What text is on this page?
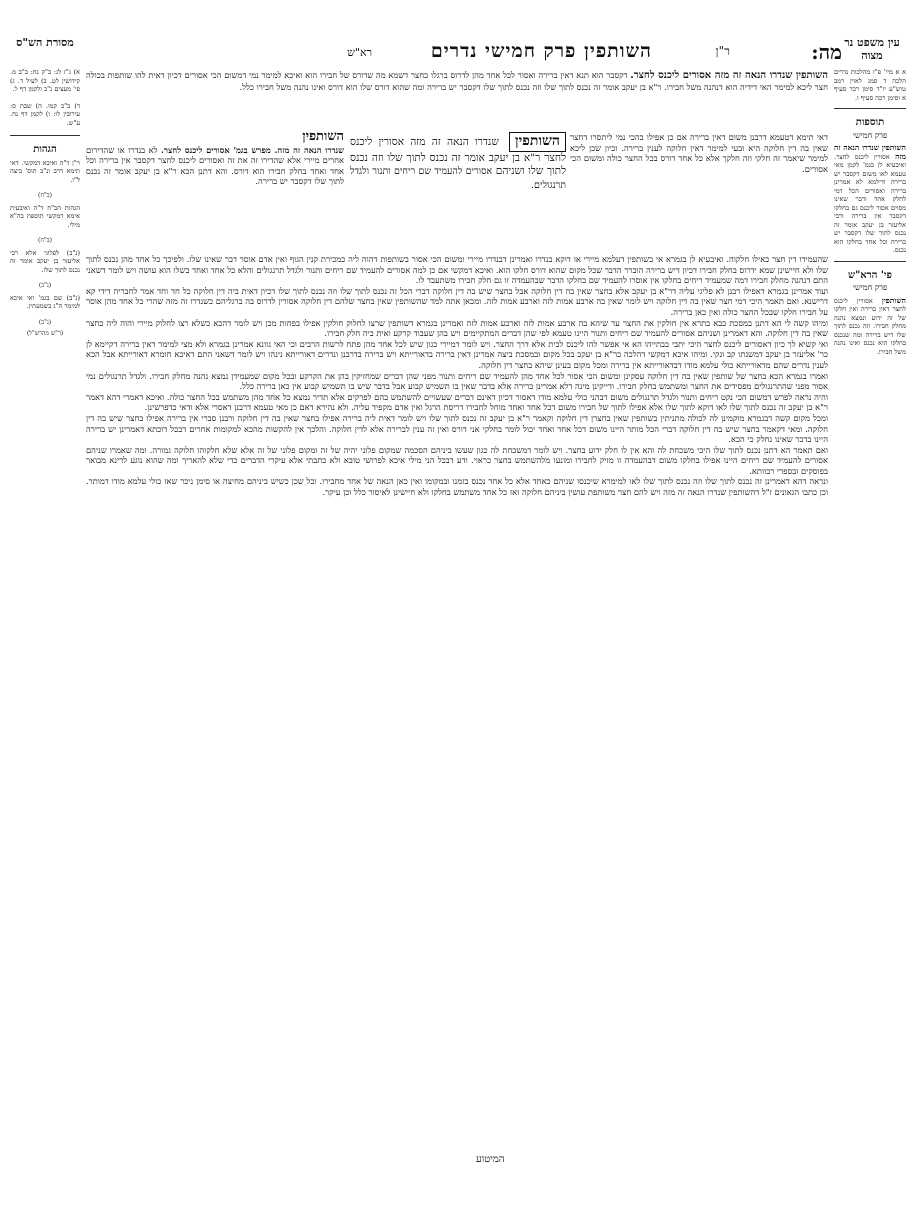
עין משפט נר מצוה
מסורת הש"ס	מה:
ר"ן
השותפין פרק חמישי נדרים
רא"ש
א א מיי' פ"ז מהלכות נדרים הלכה ד סמג לאוין רמב טוש"ע יו"ד סימן רכד סעיף א וסימן רכה סעיף ו.
תוספות
פרק חמישי
השותפין שנדרו הנאה זה מזה אסורין ליכנס לחצר. ואיבעיא לן בגמ' לקמן מאי טעמא לאו משום דקסבר יש ברירה ודילמא לא אמרינן ברירה ואסורים הכל דמי לחלק אחד ודבר שאינו מסוים אסור ליכנס גם בחלקו דקסבר אין ברירה ורבי אליעזר בן יעקב אומר זה נכנס לתוך שלו דקסבר יש ברירה וכל אחד בחלקו הוא נכנס.
פי' הרא"ש
פרק חמישי
השותפין אסורין ליכנס לחצר דאין ברירה ואין חלקו של זה ידוע ונמצא נהנה מחלק חבירו. וזה נכנס לתוך שלו דיש ברירה ומה שנכנס בחלקו הוא נכנס ואינו נהנה משל חבירו.
א) ג"ז לג: ב"ק נח: ב"ב מ. קידושין לט. ב) לעיל ד. ג) פי' מעצים נ"ב ולקמן דף ל.
ד) ב"ב קמו. ה) שבת ס: עירובין לו: ו) לקמן דף נח. ע"ש.
הגהות
ר"ן ד"ה ואיבא דמקשי. דאי תימא דרב ונ"ב תוס' ביצה ל"ו.
(ב"ח)
הגהות הב"ח ד"ה ואיבעית אימא דמקשי תוספת בה"א מילי.
(ב"ח)
(נ"ב) לפלוגי אלא רבי אליעזר בן יעקב אומר זה נכנס לתוך שלו.
(נ"ב)
(נ"ב) שם בגמ' ואי איכא למימר ה"ג בשמעתין.
(נ"ב)
(ר"ש מהרש"ל)
השותפין שנדרו הנאה זה מזה אסורים ליכנס לחצר. דקסבר הוא תנא דאין ברירה ואסור לכל אחד מהן לדרוס ברגלו בחצר דשמא מה שדורס של חבירו הוא ואיכא למימר נמי דמשום הכי אסורים דכיון דאית להו שותפות בכולה חצר ליכא למימר האי דידיה הוא דנהנה משל חבירו. ר"א בן יעקב אומר זה נכנס לתוך שלו וזה נכנס לתוך שלו דקסבר יש ברירה ומה שהוא דורס שלו הוא דורס ואינו נהנה משל חבירו כלל.
דאי תימא דטעמא דרבנן משום דאין ברירה אם כן אפילו בהכי נמי ליתסרו דחצר שאין בה דין חלוקה היא ובעי למימר דאין חלוקה לענין ברירה. וכיון שכן ליכא למימר שיאמר זה חלקי וזה חלקך אלא כל אחד דורס בכל החצר כולה ומשום הכי אסורים.
השותפין שנדרו הנאה זה מזה אסורין ליכנס לחצר ר"א בן יעקב אומר זה נכנס לתוך שלו וזה נכנס לתוך שלו ושניהם אסורים להעמיד שם ריחים ותנור ולגדל תרנגולים.
השותפין
שנדרו הנאה זה מזה. מפרש בגמ' אסורים ליכנס לחצר. לא בנדרו או שהדירום אחרים מיירי אלא שהדירו זה את זה ואסורים ליכנס לחצר דקסבר אין ברירה וכל אחד ואחד בחלק חבירו הוא דורס. והא דתנן הכא ר"א בן יעקב אומר זה נכנס לתוך שלו דקסבר יש ברירה.

שהעמידו דין חצר כאילו חלקוה. ואיבעיא לן בגמרא אי בשותפין דעלמא מיירי או דוקא בנדרו ואמרינן דבנדרו מיירי ומשום הכי אסור בשותפות דהוה ליה כמכירת קנין הגוף ואין אדם אוסר דבר שאינו שלו. ולפיכך כל אחד מהן נכנס לתוך שלו ולא חיישינן שמא ידרוס בחלק חבירו דכיון דיש ברירה הוברר הדבר שכל מקום שהוא דורס חלקו הוא. ואיכא דמקשי אם כן למה אסורים להעמיד שם ריחים ותנור ולגדל תרנגולים והלא כל אחד ואחד בשלו הוא עושה ויש לומר דשאני התם דנהנה מחלק חבירו דמה שמעמיד ריחים בחלקו אין אוסרו להעמיד שם בחלקו הדבר שבהעמדה זו גם חלק חבירו משתעבד לו.

ועוד אמרינן בגמרא דאפילו רבנן לא פליגי עליה דר"א בן יעקב אלא בחצר שאין בה דין חלוקה אבל בחצר שיש בה דין חלוקה דברי הכל זה נכנס לתוך שלו וזה נכנס לתוך שלו דכיון דאית ביה דין חלוקה כל חד וחד אמר לחבריה דידי קא דרישנא. ואם תאמר היכי דמי חצר שאין בה דין חלוקה ויש לומר שאין בה ארבע אמות לזה וארבע אמות לזה. ומכאן אתה למד שהשותפין שאין בחצר שלהם דין חלוקה אסורין לדרוס בה ברגליהם כשנדרו זה מזה שהרי כל אחד מהן אוסר על חבירו חלקו שבכל החצר כולה ואין כאן ברירה.

ומיהו קשה לי הא דתנן במסכת בבא בתרא אין חולקין את החצר עד שיהא בה ארבע אמות לזה וארבע אמות לזה ואמרינן בגמרא דשותפין שרצו לחלוק חולקין אפילו בפחות מכן ויש לומר דהכא כשלא רצו לחלוק מיירי והוה ליה כחצר שאין בה דין חלוקה. והא דאמרינן ושניהם אסורים להעמיד שם ריחים ותנור היינו טעמא לפי שהן דברים המתקיימים ויש בהן שעבוד קרקע ואית ביה חלק חבירו.

ואי קשיא לך כיון דאסורים ליכנס לחצר היכי יתבי בבתייהו הא אי אפשר להו ליכנס לבית אלא דרך החצר. ויש לומר דמיירי כגון שיש לכל אחד מהן פתח לרשות הרבים וכי האי גוונא אמרינן בגמרא ולא מצי למימר דאין ברירה דקיימא לן כר' אליעזר בן יעקב דמשנתו קב ונקי. ומיהו איכא דמקשי דהלכה כר"א בן יעקב בכל מקום ובמסכת ביצה אמרינן דאין ברירה בדאורייתא ויש ברירה בדרבנן ונדרים דאורייתא נינהו ויש לומר דשאני התם דאיכא חומרא דאורייתא אבל הכא לענין נדרים שהם מדאורייתא כולי עלמא מודו דבדאורייתא אין ברירה ומכל מקום בעינן שיהא בחצר דין חלוקה.

ואמרו בגמרא הכא בחצר של שותפין שאין בה דין חלוקה עסקינן ומשום הכי אסור לכל אחד מהן להעמיד שם ריחים ותנור מפני שהן דברים שמחזיקין בהן את הקרקע ובכל מקום שמעמידן נמצא נהנה מחלק חבירו. ולגדל תרנגולים נמי אסור מפני שהתרנגולים מפסידים את החצר ומשתמש בחלק חבירו. ודייקינן מינה דלא אמרינן ברירה אלא בדבר שאין בו תשמיש קבוע אבל בדבר שיש בו תשמיש קבוע אין כאן ברירה כלל.

והיה נראה לפרש דמשום הכי נקט ריחים ותנור ולגדל תרנגולים משום דבהני כולי עלמא מודו דאסור דכיון דאינם דברים שעשויים להשתמש בהם לפרקים אלא תדיר נמצא כל אחד מהן משתמש בכל החצר כולה. ואיכא דאמרי דהא דאמר ר"א בן יעקב זה נכנס לתוך שלו לאו דוקא לתוך שלו אלא אפילו לתוך של חבירו משום דכל אחד ואחד מוחל לחבירו דריסת הרגל ואין אדם מקפיד עליה. ולא נהירא דאם כן מאי טעמא דרבנן דאסרי אלא ודאי כדפרשינן.

ומכל מקום קשה דבגמרא מוקמינן לה לכולה מתניתין בשותפין שאין בחצרן דין חלוקה וקאמר ר"א בן יעקב זה נכנס לתוך שלו ויש לומר דאית ליה ברירה אפילו בחצר שאין בה דין חלוקה ורבנן סברי אין ברירה אפילו בחצר שיש בה דין חלוקה. ומאי דקאמר בחצר שיש בה דין חלוקה דברי הכל מותר היינו משום דכל אחד ואחד יכול לומר בחלקי אני דורס ואין זה ענין לברירה אלא לדין חלוקה. והלכך אין להקשות מהכא למקומות אחרים דבכל דוכתא דאמרינן יש ברירה היינו בדבר שאינו נחלק כי הכא.

ואם תאמר הא דתנן נכנס לתוך שלו היכי משכחת לה והא אין לו חלק ידוע בחצר. ויש לומר דמשכחת לה כגון שעשו ביניהם הסכמה שמקום פלוני יהיה של זה ומקום פלוני של זה אלא שלא חלקוהו חלוקה גמורה. ומה שאמרו שניהם אסורים להעמיד שם ריחים היינו אפילו בחלקו משום דבהעמדה זו מזיק לחבירו ומונעו מלהשתמש בחצר כראוי. ודע דבכל הני מילי איכא לפרושי טובא ולא כתבתי אלא עיקרי הדברים כדי שלא להאריך ומה שהוא נוגע לדינא מבואר בפוסקים ובספרי רבוותא.

ונראה דהא דאמרינן זה נכנס לתוך שלו וזה נכנס לתוך שלו לאו למימרא שיכנסו שניהם כאחד אלא כל אחד נכנס בזמנו ובמקומו ואין כאן הנאה של אחד מחבירו. וכל שכן כשיש ביניהם מחיצה או סימן ניכר שאז כולי עלמא מודו דמותר. וכן כתבו הגאונים ז"ל דהשותפין שנדרו הנאה זה מזה ויש להם חצר משותפת עושין ביניהם חלוקה ואז כל אחד משתמש בחלקו ולא חיישינן לאיסור כלל וכן עיקר.

המיטוע
